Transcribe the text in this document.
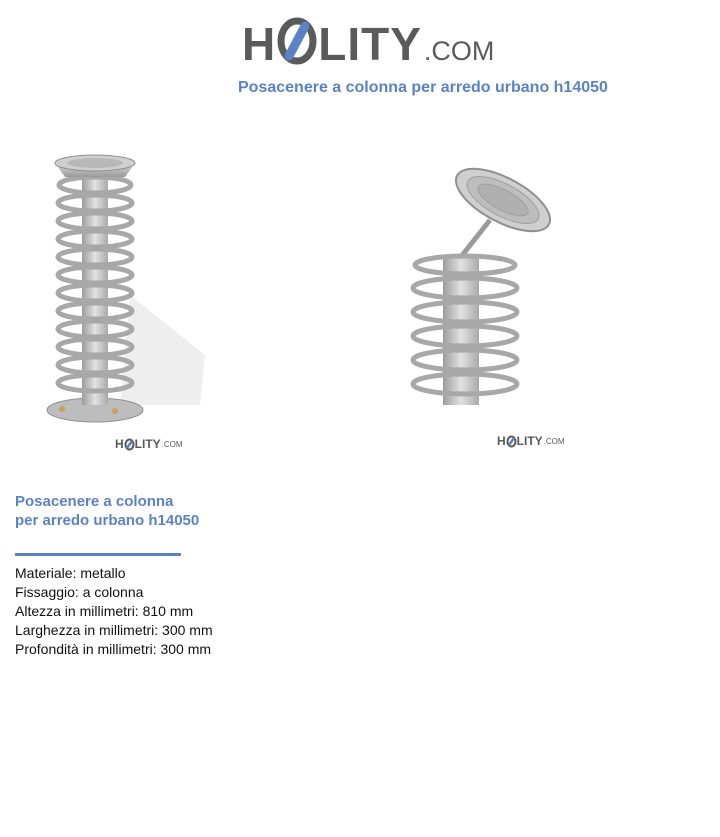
H LITY .COM
Posacenere a colonna per arredo urbano h14050
H LITY .COM	H LITY .COM
Posacenere a colonna per arredo urbano h14050
Materiale: metallo
Fissaggio: a colonna
Altezza in millimetri: 810 mm
Larghezza in millimetri: 300 mm
Profondità in millimetri: 300 mm
